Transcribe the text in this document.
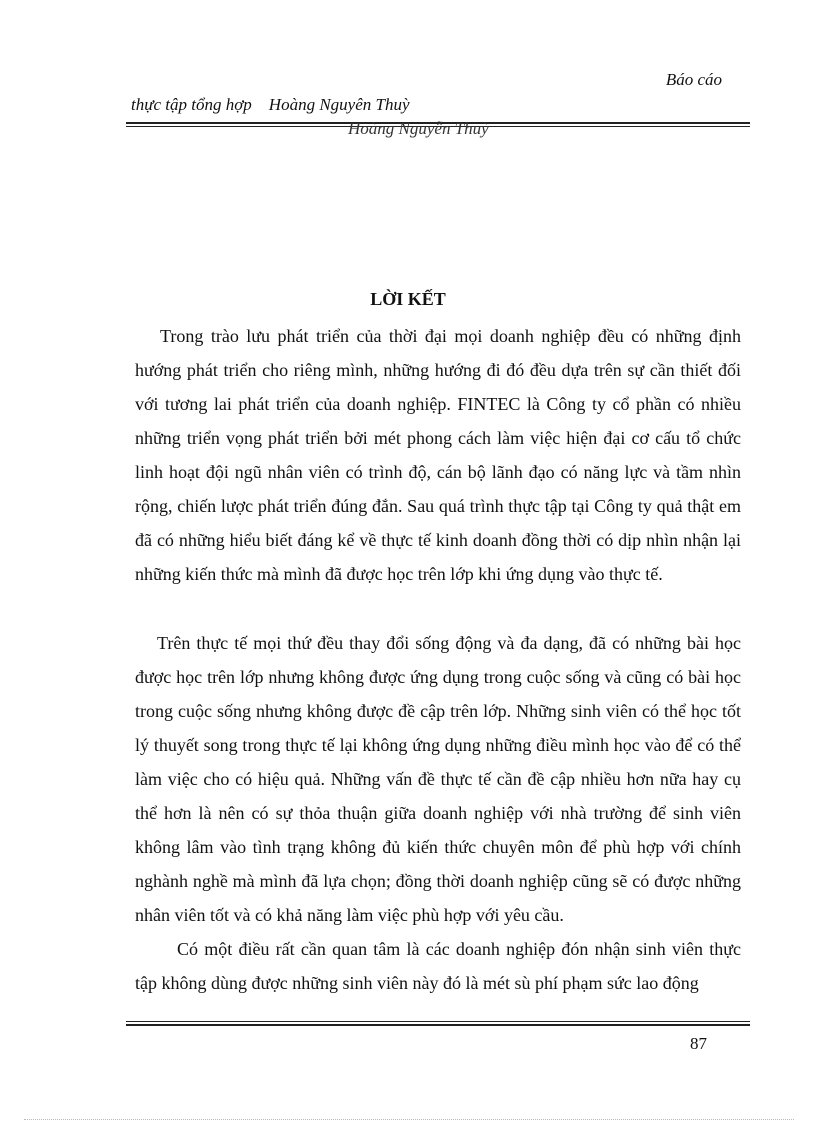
Báo cáo
thực tập tổng hợp    Hoàng Nguyên Thuỳ
Hoàng Nguyễn Thuỳ
LỜI KẾT
Trong trào lưu phát triển của thời đại mọi doanh nghiệp đều có những định hướng phát triển cho riêng mình, những hướng đi đó đều dựa trên sự cần thiết đối với tương lai phát triển của doanh nghiệp. FINTEC là Công ty cổ phần có nhiều những triển vọng phát triển bởi mét phong cách làm việc hiện đại cơ cấu tổ chức linh hoạt đội ngũ nhân viên có trình độ, cán bộ lãnh đạo có năng lực và tầm nhìn rộng, chiến lược phát triển đúng đắn. Sau quá trình thực tập tại Công ty quả thật em đã có những hiểu biết đáng kể về thực tế kinh doanh đồng thời có dịp nhìn nhận lại những kiến thức mà mình đã được học trên lớp khi ứng dụng vào thực tế.
Trên thực tế mọi thứ đều thay đổi sống động và đa dạng, đã có những bài học được học trên lớp nhưng không được ứng dụng trong cuộc sống và cũng có bài học trong cuộc sống nhưng không được đề cập trên lớp. Những sinh viên có thể học tốt lý thuyết song trong thực tế lại không ứng dụng những điều mình học vào để có thể làm việc cho có hiệu quả. Những vấn đề thực tế cần đề cập nhiều hơn nữa hay cụ thể hơn là nên có sự thỏa thuận giữa doanh nghiệp với nhà trường để sinh viên không lâm vào tình trạng không đủ kiến thức chuyên môn để phù hợp với chính nghành nghề mà mình đã lựa chọn; đồng thời doanh nghiệp cũng sẽ có được những nhân viên tốt và có khả năng làm việc phù hợp với yêu cầu.
Có một điều rất cần quan tâm là các doanh nghiệp đón nhận sinh viên thực tập không dùng được những sinh viên này đó là mét sù phí phạm sức lao động
87
